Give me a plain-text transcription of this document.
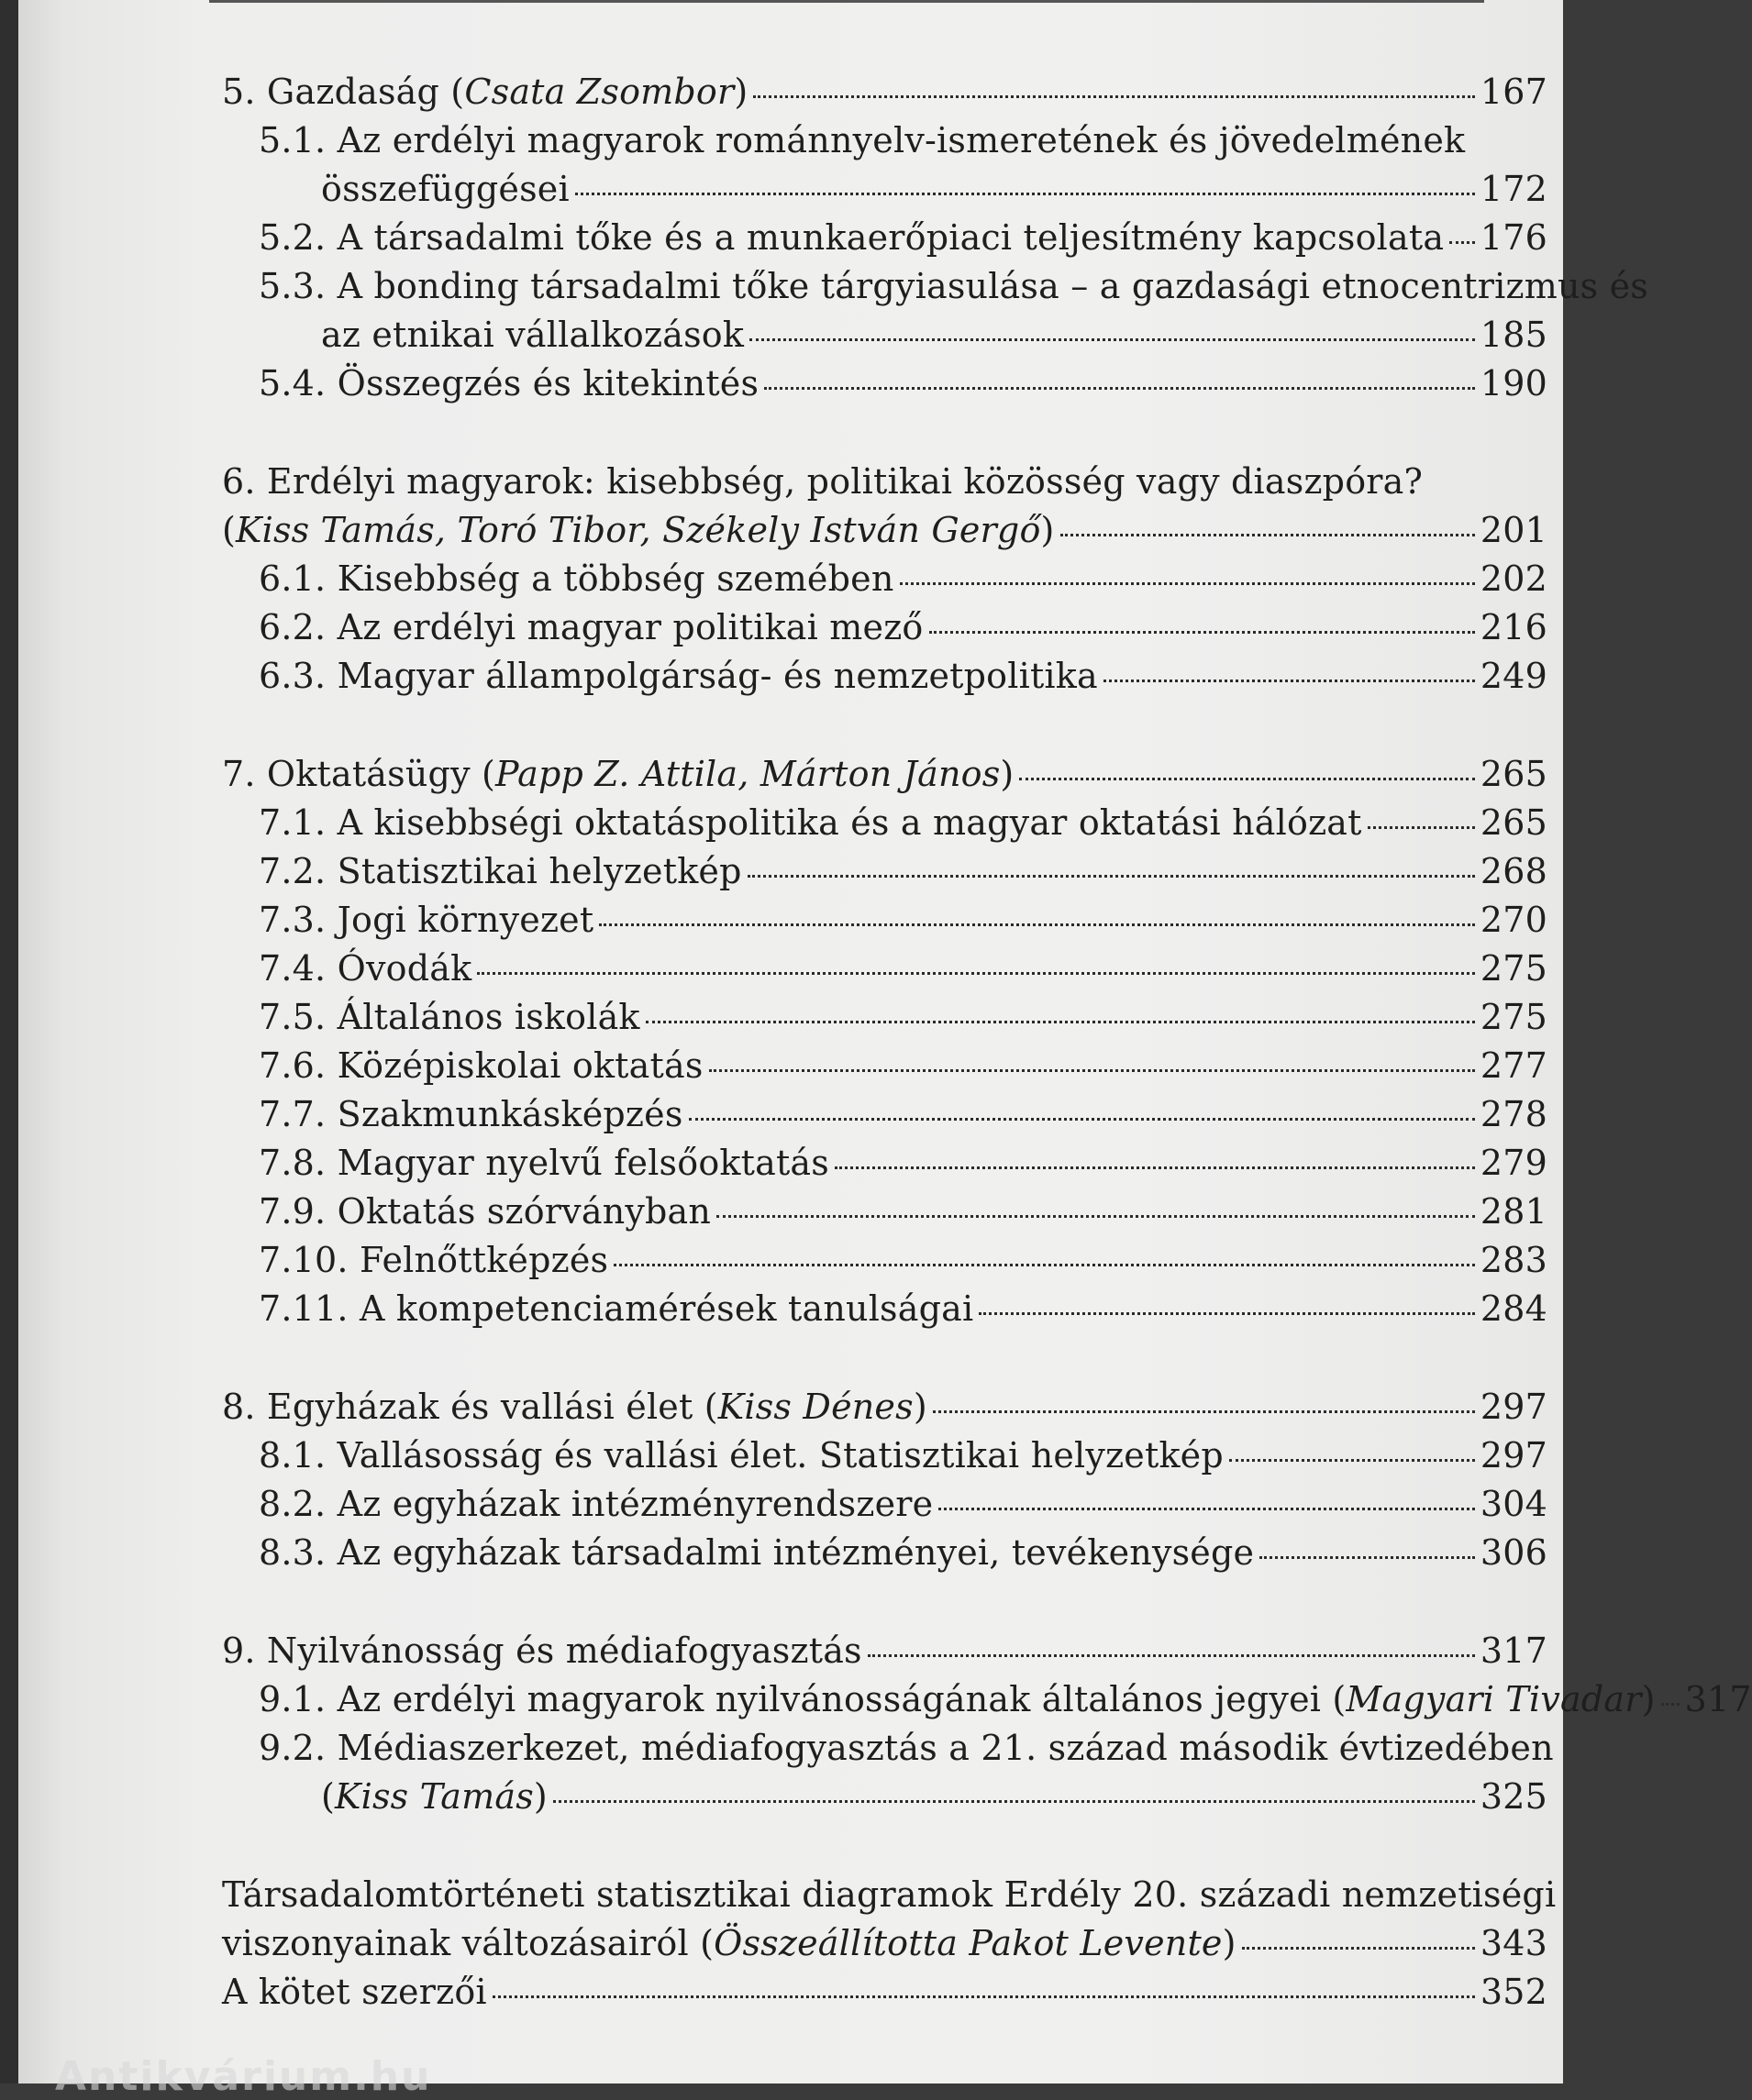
5. Gazdaság (Csata Zsombor)	167
5.1. Az erdélyi magyarok románnyelv-ismeretének és jövedelmének
összefüggései	172
5.2. A társadalmi tőke és a munkaerőpiaci teljesítmény kapcsolata 176
5.3. A bonding társadalmi tőke tárgyiasulása – a gazdasági etnocentrizmus és
az etnikai vállalkozások	185
5.4. Összegzés és kitekintés	190
6. Erdélyi magyarok: kisebbség, politikai közösség vagy diaszpóra?
(Kiss Tamás, Toró Tibor, Székely István Gergő)	201
6.1. Kisebbség a többség szemében	202
6.2. Az erdélyi magyar politikai mező	216
6.3. Magyar állampolgárság- és nemzetpolitika	249
7. Oktatásügy (Papp Z. Attila, Márton János)	265
7.1. A kisebbségi oktatáspolitika és a magyar oktatási hálózat	265
7.2. Statisztikai helyzetkép	268
7.3. Jogi környezet	270
7.4. Óvodák	275
7.5. Általános iskolák	275
7.6. Középiskolai oktatás	277
7.7. Szakmunkásképzés	278
7.8. Magyar nyelvű felsőoktatás	279
7.9. Oktatás szórványban	281
7.10. Felnőttképzés	283
7.11. A kompetenciamérések tanulságai	284
8. Egyházak és vallási élet (Kiss Dénes)	297
8.1. Vallásosság és vallási élet. Statisztikai helyzetkép	297
8.2. Az egyházak intézményrendszere	304
8.3. Az egyházak társadalmi intézményei, tevékenysége	306
9. Nyilvánosság és médiafogyasztás	317
9.1. Az erdélyi magyarok nyilvánosságának általános jegyei (Magyari Tivadar) 317
9.2. Médiaszerkezet, médiafogyasztás a 21. század második évtizedében
(Kiss Tamás)	325
Társadalomtörténeti statisztikai diagramok Erdély 20. századi nemzetiségi
viszonyainak változásairól (Összeállította Pakot Levente)	343
A kötet szerzői	352
Antikvárium.hu
